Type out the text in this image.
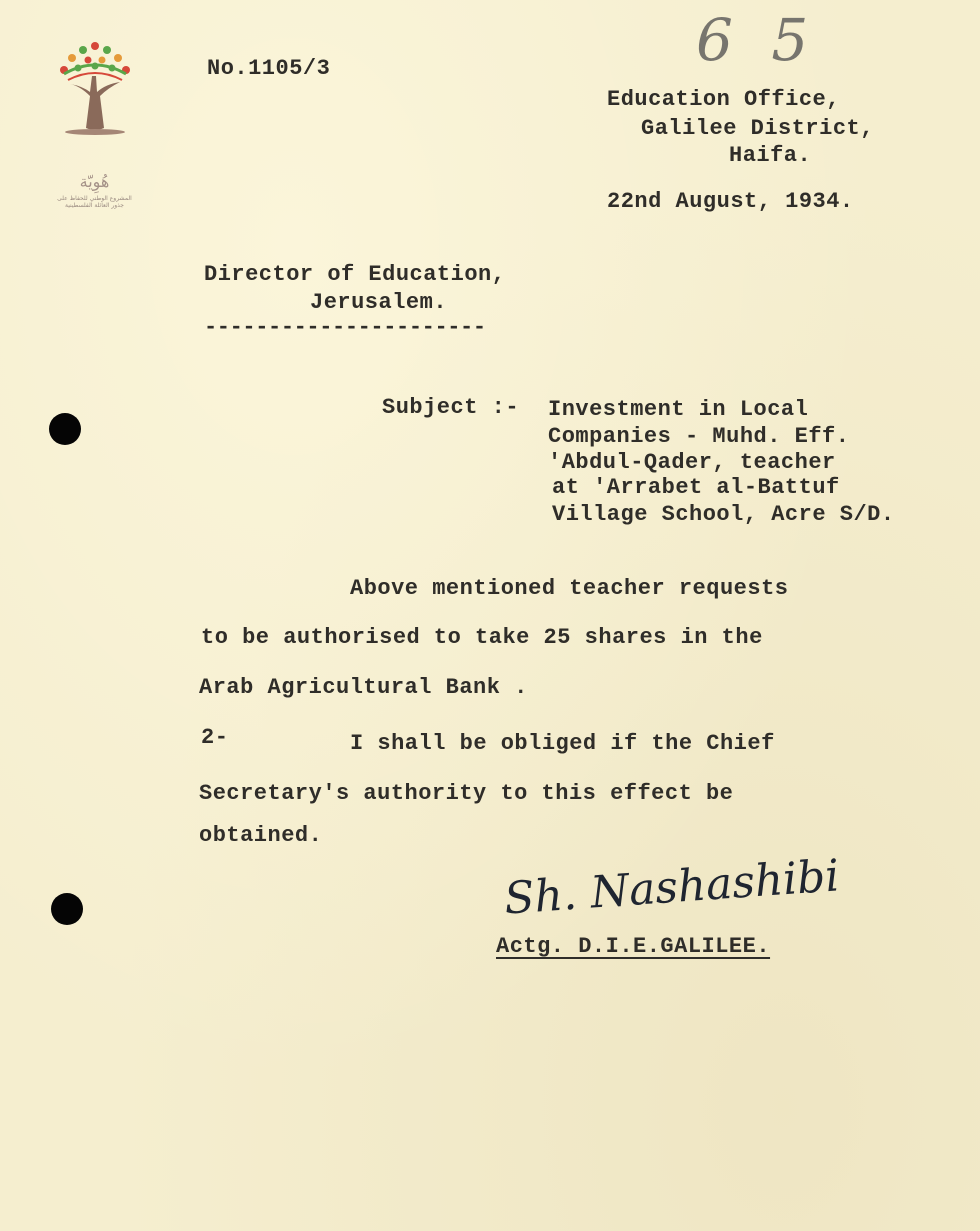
هُوِيّة
المشروع الوطني للحفاظ على
جذور العائلة الفلسطينية
6 5
No.1105/3
Education Office,
Galilee District,
Haifa.
22nd August, 1934.
Director of Education,
Jerusalem.
----------------------
Subject :- Investment in Local
Companies - Muhd. Eff.
'Abdul-Qader, teacher
at 'Arrabet al-Battuf
Village School, Acre S/D.
Above mentioned teacher requests
to be authorised to take 25 shares in the
Arab Agricultural Bank .
2-	I shall be obliged if the Chief
Secretary's authority to this effect be
obtained.
Sh. Nashashibi
Actg. D.I.E.GALILEE.
